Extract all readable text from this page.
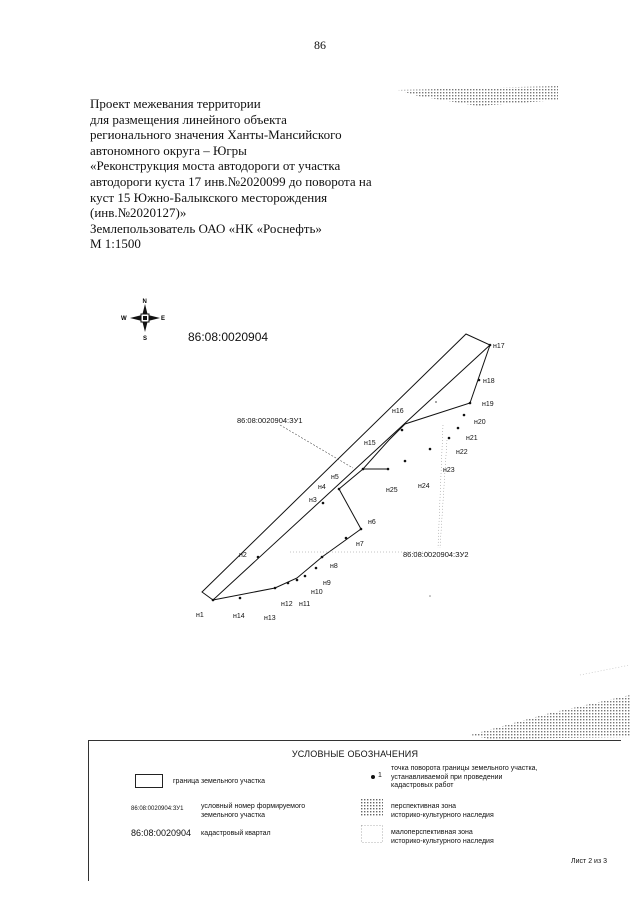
86
Проект межевания территории
для размещения линейного объекта
регионального значения Ханты-Мансийского
автономного округа – Югры
«Реконструкция моста автодороги от участка
автодороги куста 17 инв.№2020099 до поворота на
куст 15 Южно-Балыкского месторождения
(инв.№2020127)»
Землепользователь ОАО «НК «Роснефть»
М 1:1500
86:08:0020904
N
S
W	E
н1
н2
н3
н4
н5
н6
н7
н8
н9
н10
н11
н12
н13
н14
н15
н16
н17
н18
н19
н20
н21
н22
н23
н24
н25
86:08:0020904:ЗУ1
86:08:0020904:ЗУ2
УСЛОВНЫЕ ОБОЗНАЧЕНИЯ
граница земельного участка
86:08:0020904:ЗУ1	условный номер формируемого
земельного участка
86:08:0020904 кадастровый квартал
1
точка поворота границы земельного участка,
устанавливаемой при проведении
кадастровых работ
перспективная зона
историко-культурного наследия
малоперспективная зона
историко-культурного наследия
Лист 2 из 3
